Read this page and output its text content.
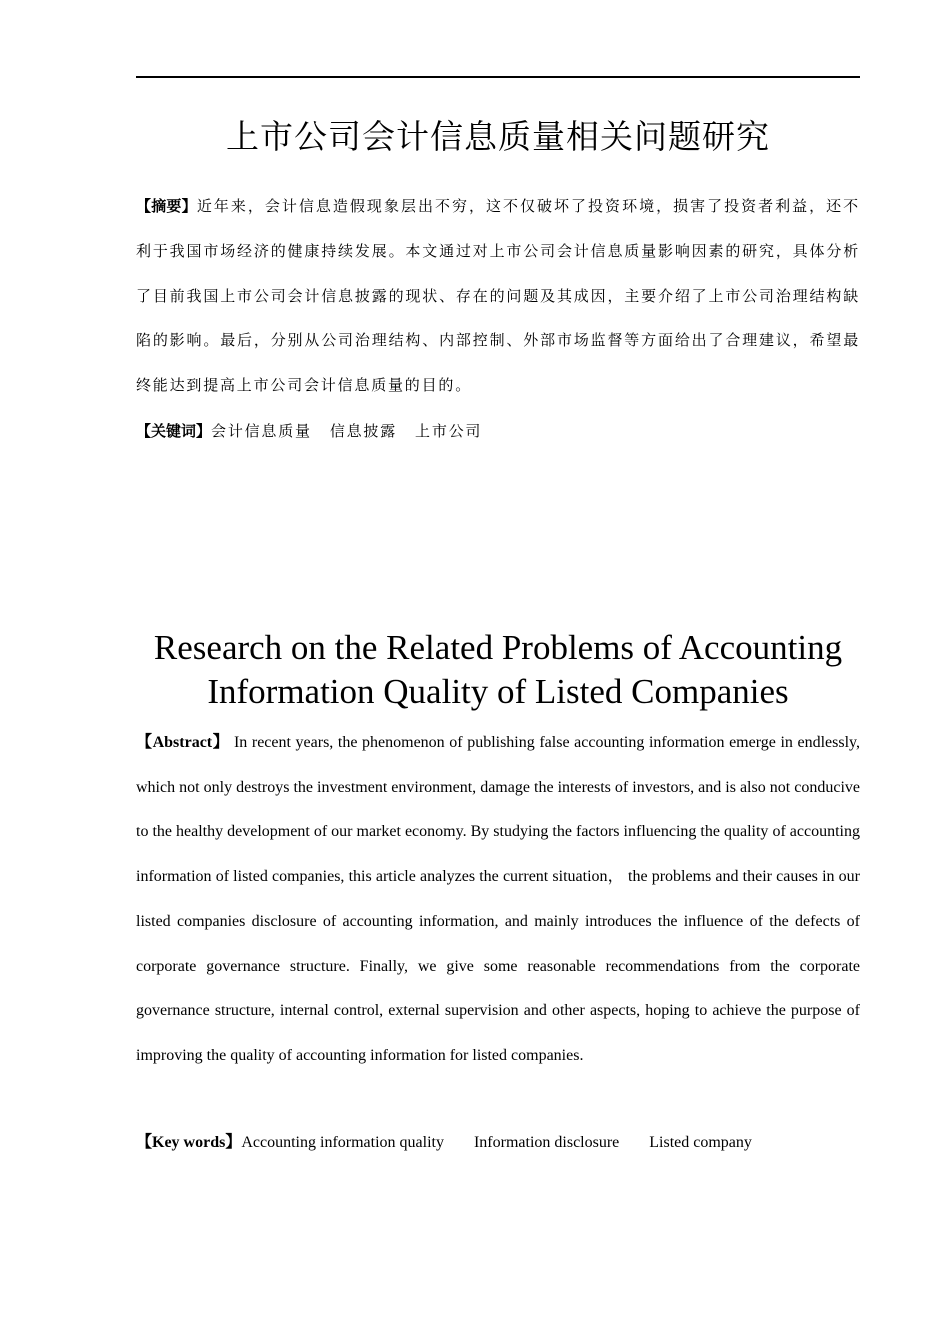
上市公司会计信息质量相关问题研究

【摘要】近年来，会计信息造假现象层出不穷，这不仅破坏了投资环境，损害了投资者利益，还不利于我国市场经济的健康持续发展。本文通过对上市公司会计信息质量影响因素的研究，具体分析了目前我国上市公司会计信息披露的现状、存在的问题及其成因，主要介绍了上市公司治理结构缺陷的影响。最后，分别从公司治理结构、内部控制、外部市场监督等方面给出了合理建议，希望最终能达到提高上市公司会计信息质量的目的。

【关键词】会计信息质量 信息披露 上市公司

Research on the Related Problems of Accounting Information Quality of Listed Companies

【Abstract】 In recent years, the phenomenon of publishing false accounting information emerge in endlessly, which not only destroys the investment environment, damage the interests of investors, and is also not conducive to the healthy development of our market economy. By studying the factors influencing the quality of accounting information of listed companies, this article analyzes the current situation， the problems and their causes in our listed companies disclosure of accounting information, and mainly introduces the influence of the defects of corporate governance structure. Finally, we give some reasonable recommendations from the corporate governance structure, internal control, external supervision and other aspects, hoping to achieve the purpose of improving the quality of accounting information for listed companies.

【Key words】Accounting information quality Information disclosure Listed company
